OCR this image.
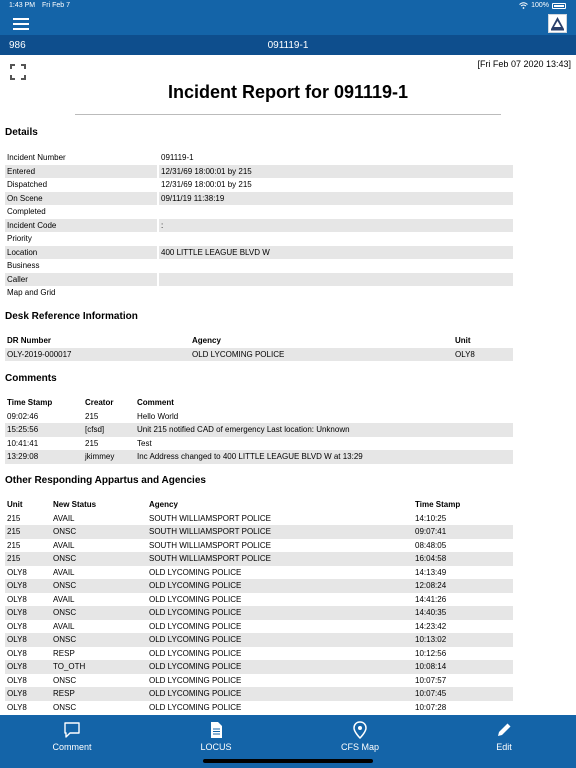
1:43 PM Fri Feb 7	100%
091119-1
986
[Fri Feb 07 2020 13:43]
Incident Report for 091119-1
Details
Incident Number	091119-1
Entered	12/31/69 18:00:01 by 215
Dispatched	12/31/69 18:00:01 by 215
On Scene	09/11/19 11:38:19
Completed	
Incident Code	:
Priority	
Location	400 LITTLE LEAGUE BLVD W
Business	
Caller	
Map and Grid	
Desk Reference Information
DR Number	Agency	Unit
OLY-2019-000017	OLD LYCOMING POLICE	OLY8
Comments
Time Stamp	Creator	Comment
09:02:46	215	Hello World
15:25:56	[cfsd]	Unit 215 notified CAD of emergency Last location: Unknown
10:41:41	215	Test
13:29:08	jkimmey	Inc Address changed to 400 LITTLE LEAGUE BLVD W at 13:29
Other Responding Appartus and Agencies
Unit	New Status	Agency	Time Stamp
215	AVAIL	SOUTH WILLIAMSPORT POLICE	14:10:25
215	ONSC	SOUTH WILLIAMSPORT POLICE	09:07:41
215	AVAIL	SOUTH WILLIAMSPORT POLICE	08:48:05
215	ONSC	SOUTH WILLIAMSPORT POLICE	16:04:58
OLY8	AVAIL	OLD LYCOMING POLICE	14:13:49
OLY8	ONSC	OLD LYCOMING POLICE	12:08:24
OLY8	AVAIL	OLD LYCOMING POLICE	14:41:26
OLY8	ONSC	OLD LYCOMING POLICE	14:40:35
OLY8	AVAIL	OLD LYCOMING POLICE	14:23:42
OLY8	ONSC	OLD LYCOMING POLICE	10:13:02
OLY8	RESP	OLD LYCOMING POLICE	10:12:56
OLY8	TO_OTH	OLD LYCOMING POLICE	10:08:14
OLY8	ONSC	OLD LYCOMING POLICE	10:07:57
OLY8	RESP	OLD LYCOMING POLICE	10:07:45
OLY8	ONSC	OLD LYCOMING POLICE	10:07:28
Comment	LOCUS	CFS Map	Edit
